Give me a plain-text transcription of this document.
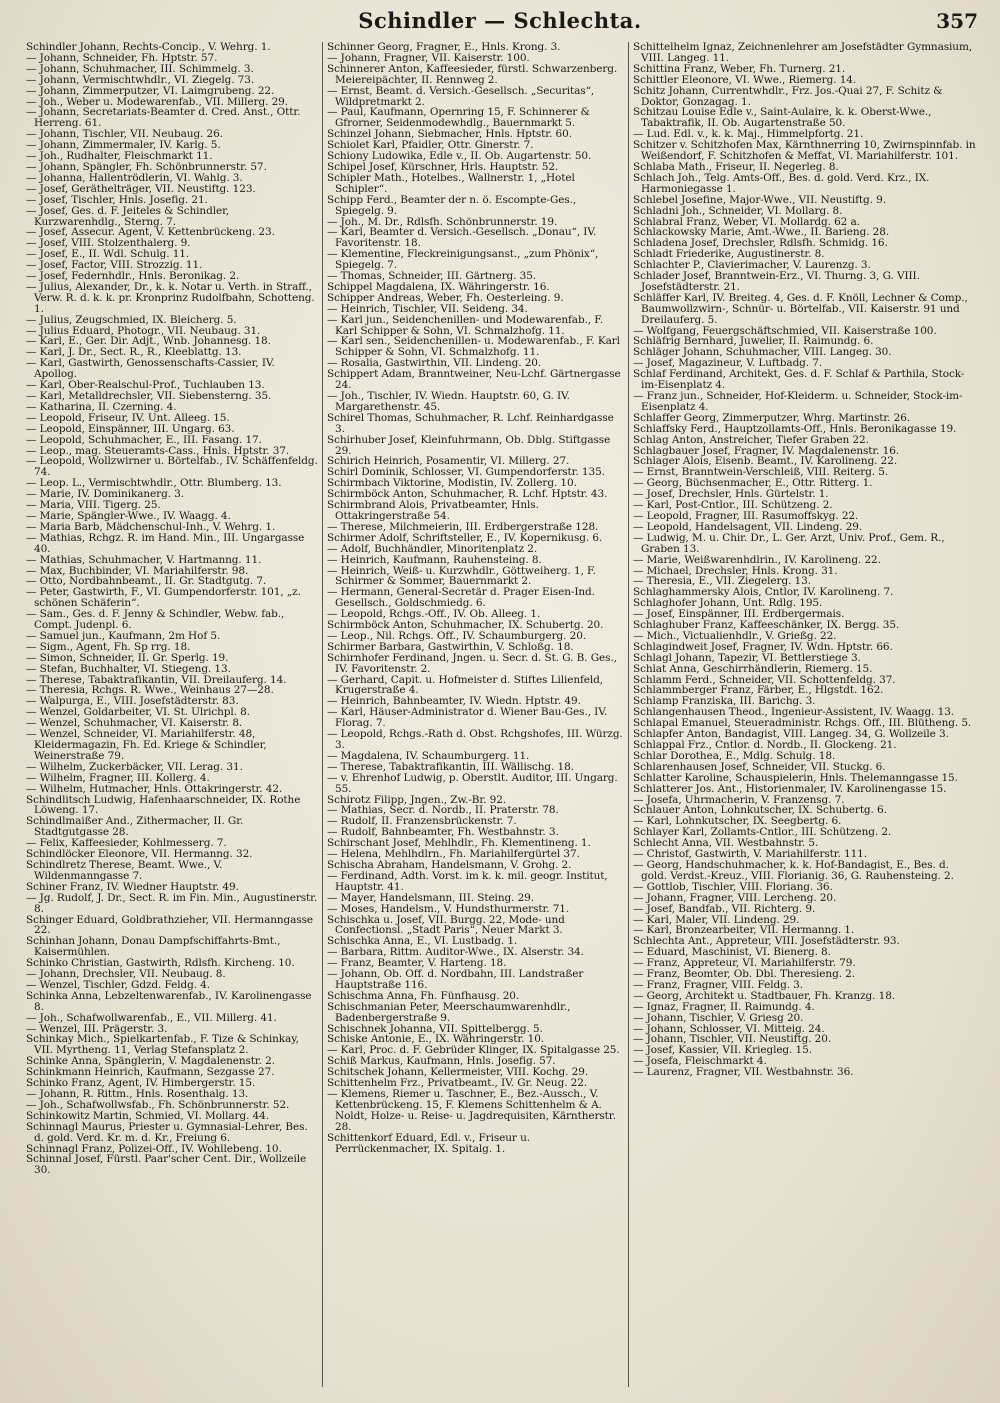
Schindler — Schlechta.	357
Schindler Johann, Rechts-Concip., V. Wehrg. 1.
— Johann, Schneider, Fh. Hptstr. 57.
— Johann, Schuhmacher, III. Schimmelg. 3.
— Johann, Vermischtwhdlr., VI. Ziegelg. 73.
— Johann, Zimmerputzer, VI. Laimgrubeng. 22.
— Joh., Weber u. Modewarenfab., VII. Millerg. 29.
— Johann, Secretariats-Beamter d. Cred. Anst., Ottr. Herreng. 61.
— Johann, Tischler, VII. Neubaug. 26.
— Johann, Zimmermaler, IV. Karlg. 5.
— Joh., Rudhalter, Fleischmarkt 11.
— Johann, Spängler, Fh. Schönbrunnerstr. 57.
— Johanna, Hallentrödlerin, VI. Wahlg. 3.
— Josef, Geräthelträger, VII. Neustiftg. 123.
— Josef, Tischler, Hnls. Josefig. 21.
— Josef, Ges. d. F. Jeiteles & Schindler, Kurzwarenhdlg., Sterng. 7.
— Josef, Assecur. Agent, V. Kettenbrückeng. 23.
— Josef, VIII. Stolzenthalerg. 9.
— Josef, E., II. Wdl. Schulg. 11.
— Josef, Factor, VIII. Strozzig. 11.
— Josef, Federnhdlr., Hnls. Beronikag. 2.
— Julius, Alexander, Dr., k. k. Notar u. Verth. in Straff., Verw. R. d. k. k. pr. Kronprinz Rudolfbahn, Schotteng. 1.
— Julius, Zeugschmied, IX. Bleicherg. 5.
— Julius Eduard, Photogr., VII. Neubaug. 31.
— Karl, E., Ger. Dir. Adjt., Wnb. Johannesg. 18.
— Karl, J. Dr., Sect. R., R., Kleeblattg. 13.
— Karl, Gastwirth, Genossenschafts-Cassier, IV. Apollog.
— Karl, Ober-Realschul-Prof., Tuchlauben 13.
— Karl, Metalldrechsler, VII. Siebensterng. 35.
— Katharina, II. Czerning. 4.
— Leopold, Friseur, IV. Unt. Alleeg. 15.
— Leopold, Einspänner, III. Ungarg. 63.
— Leopold, Schuhmacher, E., III. Fasang. 17.
— Leop., mag. Steueramts-Cass., Hnls. Hptstr. 37.
— Leopold, Wollzwirner u. Börtelfab., IV. Schäffenfeldg. 74.
— Leop. L., Vermischtwhdlr., Ottr. Blumberg. 13.
— Marie, IV. Dominikanerg. 3.
— Maria, VIII. Tigerg. 25.
— Marie, Spängler-Wwe., IV. Waagg. 4.
— Maria Barb, Mädchenschul-Inh., V. Wehrg. 1.
— Mathias, Rchgz. R. im Hand. Min., III. Ungargasse 40.
— Mathias, Schuhmacher, V. Hartmanng. 11.
— Max, Buchbinder, VI. Mariahilferstr. 98.
— Otto, Nordbahnbeamt., II. Gr. Stadtgutg. 7.
— Peter, Gastwirth, F., VI. Gumpendorferstr. 101, „z. schönen Schäferin“.
— Sam., Ges. d. F. Jenny & Schindler, Webw. fab., Compt. Judenpl. 6.
— Samuel jun., Kaufmann, 2m Hof 5.
— Sigm., Agent, Fh. Sp rrg. 18.
— Simon, Schneider, II. Gr. Sperlg. 19.
— Stefan, Buchhalter, VI. Stiegeng. 13.
— Therese, Tabaktrafikantin, VII. Dreilauferg. 14.
— Theresia, Rchgs. R. Wwe., Weinhaus 27—28.
— Walpurga, E., VIII. Josefstädterstr. 83.
— Wenzel, Goldarbeiter, VI. St. Ulrichpl. 8.
— Wenzel, Schuhmacher, VI. Kaiserstr. 8.
— Wenzel, Schneider, VI. Mariahilferstr. 48, Kleidermagazin, Fh. Ed. Kriege & Schindler, Weinerstraße 79.
— Wilhelm, Zuckerbäcker, VII. Lerag. 31.
— Wilhelm, Fragner, III. Kollerg. 4.
— Wilhelm, Hutmacher, Hnls. Ottakringerstr. 42.
Schindlitsch Ludwig, Hafenhaarschneider, IX. Rothe Löweng. 17.
Schindlmaißer And., Zithermacher, II. Gr. Stadtgutgasse 28.
— Felix, Kaffeesieder, Kohlmesserg. 7.
Schindlöcker Eleonore, VII. Hermanng. 32.
Schindlretz Therese, Beamt. Wwe., V. Wildenmanngasse 7.
Schiner Franz, IV. Wiedner Hauptstr. 49.
— Jg. Rudolf, J. Dr., Sect. R. im Fin. Min., Augustinerstr. 8.
Schinger Eduard, Goldbrathzieher, VII. Hermanngasse 22.
Schinhan Johann, Donau Dampfschiffahrts-Bmt., Kaisermühlen.
Schinko Christian, Gastwirth, Rdlsfh. Kircheng. 10.
— Johann, Drechsler, VII. Neubaug. 8.
— Wenzel, Tischler, Gdzd. Feldg. 4.
Schinka Anna, Lebzeltenwarenfab., IV. Karolinengasse 8.
— Joh., Schafwollwarenfab., E., VII. Millerg. 41.
— Wenzel, III. Prägerstr. 3.
Schinkay Mich., Spielkartenfab., F. Tize & Schinkay, VII. Myrtheng. 11, Verlag Stefansplatz 2.
Schinke Anna, Spänglerin, V. Magdalenenstr. 2.
Schinkmann Heinrich, Kaufmann, Sezgasse 27.
Schinko Franz, Agent, IV. Himbergerstr. 15.
— Johann, R. Rittm., Hnls. Rosenthalg. 13.
— Joh., Schafwollwsfab., Fh. Schönbrunnerstr. 52.
Schinkowitz Martin, Schmied, VI. Mollarg. 44.
Schinnagl Maurus, Priester u. Gymnasial-Lehrer, Bes. d. gold. Verd. Kr. m. d. Kr., Freiung 6.
Schinnagl Franz, Polizei-Off., IV. Wohllebeng. 10.
Schinnal Josef, Fürstl. Paar'scher Cent. Dir., Wollzeile 30.
Schinner Georg, Fragner, E., Hnls. Krong. 3.
— Johann, Fragner, VII. Kaiserstr. 100.
Schinnerer Anton, Kaffeesieder, fürstl. Schwarzenberg. Meiereipächter, II. Rennweg 2.
— Ernst, Beamt. d. Versich.-Gesellsch. „Securitas“, Wildpretmarkt 2.
— Paul, Kaufmann, Opernring 15, F. Schinnerer & Gfrorner, Seidenmodewhdlg., Bauernmarkt 5.
Schinzel Johann, Siebmacher, Hnls. Hptstr. 60.
Schiolet Karl, Pfaidler, Ottr. Ginerstr. 7.
Schiony Ludowika, Edle v., II. Ob. Augartenstr. 50.
Schipel Josef, Kürschner, Hrls. Hauptstr. 52.
Schipler Math., Hotelbes., Wallnerstr. 1, „Hotel Schipler“.
Schipp Ferd., Beamter der n. ö. Escompte-Ges., Spiegelg. 9.
— Joh., M. Dr., Rdlsfh. Schönbrunnerstr. 19.
— Karl, Beamter d. Versich.-Gesellsch. „Donau“, IV. Favoritenstr. 18.
— Klementine, Fleckreinigungsanst., „zum Phönix“, Spiegelg. 7.
— Thomas, Schneider, III. Gärtnerg. 35.
Schippel Magdalena, IX. Währingerstr. 16.
Schipper Andreas, Weber, Fh. Oesterleing. 9.
— Heinrich, Tischler, VII. Seideng. 34.
— Karl jun., Seidenchenillen- und Modewarenfab., F. Karl Schipper & Sohn, VI. Schmalzhofg. 11.
— Karl sen., Seidenchenillen- u. Modewarenfab., F. Karl Schipper & Sohn, VI. Schmalzhofg. 11.
— Rosalia, Gastwirthin, VII. Lindeng. 20.
Schippert Adam, Branntweiner, Neu-Lchf. Gärtnergasse 24.
— Joh., Tischler, IV. Wiedn. Hauptstr. 60, G. IV. Margarethenstr. 45.
Schirel Thomas, Schuhmacher, R. Lchf. Reinhardgasse 3.
Schirhuber Josef, Kleinfuhrmann, Ob. Dblg. Stiftgasse 29.
Schirich Heinrich, Posamentir, VI. Millerg. 27.
Schirl Dominik, Schlosser, VI. Gumpendorferstr. 135.
Schirmbach Viktorine, Modistin, IV. Zollerg. 10.
Schirmböck Anton, Schuhmacher, R. Lchf. Hptstr. 43.
Schirmbrand Alois, Privatbeamter, Hnls. Ottakringerstraße 54.
— Therese, Milchmeierin, III. Erdbergerstraße 128.
Schirmer Adolf, Schriftsteller, E., IV. Kopernikusg. 6.
— Adolf, Buchhändler, Minoritenplatz 2.
— Heinrich, Kaufmann, Rauhensteing. 8.
— Heinrich, Weiß- u. Kurzwhdlr., Göttweiherg. 1, F. Schirmer & Sommer, Bauernmarkt 2.
— Hermann, General-Secretär d. Prager Eisen-Ind. Gesellsch., Goldschmiedg. 6.
— Leopold, Rchgs.-Off., IV. Ob. Alleeg. 1.
Schirmböck Anton, Schuhmacher, IX. Schubertg. 20.
— Leop., Nil. Rchgs. Off., IV. Schaumburgerg. 20.
Schirmer Barbara, Gastwirthin, V. Schloßg. 18.
Schirnhofer Ferdinand, Jngen. u. Secr. d. St. G. B. Ges., IV. Favoritenstr. 2.
— Gerhard, Capit. u. Hofmeister d. Stiftes Lilienfeld, Krugerstraße 4.
— Heinrich, Bahnbeamter, IV. Wiedn. Hptstr. 49.
— Karl, Häuser-Administrator d. Wiener Bau-Ges., IV. Florag. 7.
— Leopold, Rchgs.-Rath d. Obst. Rchgshofes, III. Würzg. 3.
— Magdalena, IV. Schaumburgerg. 11.
— Therese, Tabaktrafikantin, III. Wällischg. 18.
— v. Ehrenhof Ludwig, p. Oberstlt. Auditor, III. Ungarg. 55.
Schirotz Filipp, Jngen., Zw.-Br. 92.
— Mathias, Secr. d. Nordb., II. Praterstr. 78.
— Rudolf, II. Franzensbrückenstr. 7.
— Rudolf, Bahnbeamter, Fh. Westbahnstr. 3.
Schirschant Josef, Mehlhdlr., Fh. Klementineng. 1.
— Helena, Mehlhdlrn., Fh. Mariahilfergürtel 37.
Schischa Abraham, Handelsmann, V. Grohg. 2.
— Ferdinand, Adth. Vorst. im k. k. mil. geogr. Institut, Hauptstr. 41.
— Mayer, Handelsmann, III. Steing. 29.
— Moses, Handelsm., V. Hundsthurmerstr. 71.
Schischka u. Josef, VII. Burgg. 22, Mode- und Confectionsl. „Stadt Paris“, Neuer Markt 3.
Schischka Anna, E., VI. Lustbadg. 1.
— Barbara, Rittm. Auditor-Wwe., IX. Alserstr. 34.
— Franz, Beamter, V. Harteng. 18.
— Johann, Ob. Off. d. Nordbahn, III. Landstraßer Hauptstraße 116.
Schischma Anna, Fh. Fünfhausg. 20.
Schischmanian Peter, Meerschaumwarenhdlr., Badenbergerstraße 9.
Schischnek Johanna, VII. Spittelbergg. 5.
Schiske Antonie, E., IX. Währingerstr. 10.
— Karl, Proc. d. F. Gebrüder Klinger, IX. Spitalgasse 25.
Schiß Markus, Kaufmann, Hnls. Josefig. 57.
Schitschek Johann, Kellermeister, VIII. Kochg. 29.
Schittenhelm Frz., Privatbeamt., IV. Gr. Neug. 22.
— Klemens, Riemer u. Taschner, E., Bez.-Aussch., V. Kettenbrückeng. 15, F. Klemens Schittenhelm & A. Noldt, Holze- u. Reise- u. Jagdrequisiten, Kärntherstr. 28.
Schittenkorf Eduard, Edl. v., Friseur u. Perrückenmacher, IX. Spitalg. 1.
Schittelhelm Ignaz, Zeichnenlehrer am Josefstädter Gymnasium, VIII. Langeg. 11.
Schittina Franz, Weber, Fh. Turnerg. 21.
Schittler Eleonore, VI. Wwe., Riemerg. 14.
Schitz Johann, Currentwhdlr., Frz. Jos.-Quai 27, F. Schitz & Doktor, Gonzagag. 1.
Schitzau Louise Edle v., Saint-Aulaire, k. k. Oberst-Wwe., Tabaktrafik, II. Ob. Augartenstraße 50.
— Lud. Edl. v., k. k. Maj., Himmelpfortg. 21.
Schitzer v. Schitzhofen Max, Kärnthnerring 10, Zwirnspinnfab. in Weißendorf, F. Schitzhofen & Meffat, VI. Mariahilferstr. 101.
Schlaba Math., Friseur, II. Negerleg. 8.
Schlach Joh., Telg. Amts-Off., Bes. d. gold. Verd. Krz., IX. Harmoniegasse 1.
Schlebel Josefine, Major-Wwe., VII. Neustiftg. 9.
Schladni Joh., Schneider, VI. Mollarg. 8.
Schlabral Franz, Weber, VI. Mollardg. 62 a.
Schlackowsky Marie, Amt.-Wwe., II. Barieng. 28.
Schladena Josef, Drechsler, Rdlsfh. Schmidg. 16.
Schladt Friederike, Augustinerstr. 8.
Schlachter P., Clavierimacher, V. Laurenzg. 3.
Schlader Josef, Branntwein-Erz., VI. Thurng. 3, G. VIII. Josefstädterstr. 21.
Schläffer Karl, IV. Breiteg. 4, Ges. d. F. Knöll, Lechner & Comp., Baumwollzwirn-, Schnür- u. Börtelfab., VII. Kaiserstr. 91 und Dreilauferg. 5.
— Wolfgang, Feuergschäftschmied, VII. Kaiserstraße 100.
Schläfrig Bernhard, Juwelier, II. Raimundg. 6.
Schläger Johann, Schuhmacher, VIII. Langeg. 30.
— Josef, Magazineur, V. Luftbadg. 7.
Schlaf Ferdinand, Architekt, Ges. d. F. Schlaf & Parthila, Stock-im-Eisenplatz 4.
— Franz jun., Schneider, Hof-Kleiderm. u. Schneider, Stock-im-Eisenplatz 4.
Schlaffer Georg, Zimmerputzer, Whrg. Martinstr. 26.
Schlaffsky Ferd., Hauptzollamts-Off., Hnls. Beronikagasse 19.
Schlag Anton, Anstreicher, Tiefer Graben 22.
Schlagbauer Josef, Fragner, IV. Magdalenenstr. 16.
Schlager Alois, Eisenb. Beamt., IV. Karolineng. 22.
— Ernst, Branntwein-Verschleiß, VIII. Reiterg. 5.
— Georg, Büchsenmacher, E., Ottr. Ritterg. 1.
— Josef, Drechsler, Hnls. Gürtelstr. 1.
— Karl, Post-Cntlor., III. Schützeng. 2.
— Leopold, Fragner, III. Rasumoffskyg. 22.
— Leopold, Handelsagent, VII. Lindeng. 29.
— Ludwig, M. u. Chir. Dr., L. Ger. Arzt, Univ. Prof., Gem. R., Graben 13.
— Marie, Weißwarenhdlrin., IV. Karolineng. 22.
— Michael, Drechsler, Hnls. Krong. 31.
— Theresia, E., VII. Ziegelerg. 13.
Schlaghammersky Alois, Cntlor, IV. Karolineng. 7.
Schlaghofer Johann, Unt. Rdlg. 195.
— Josef, Einspänner, III. Erdbergermais.
Schlaghuber Franz, Kaffeeschänker, IX. Bergg. 35.
— Mich., Victualienhdlr., V. Grießg. 22.
Schlagindweit Josef, Fragner, IV. Wdn. Hptstr. 66.
Schlagl Johann, Tapezir, VI. Bettlerstiege 3.
Schlat Anna, Geschirrhändlerin, Riemerg. 15.
Schlamm Ferd., Schneider, VII. Schottenfeldg. 37.
Schlammberger Franz, Färber, E., Hlgstdt. 162.
Schlamp Franziska, III. Barichg. 3.
Schlangenhausen Theod., Ingenieur-Assistent, IV. Waagg. 13.
Schlapal Emanuel, Steueradministr. Rchgs. Off., III. Blütheng. 5.
Schlapfer Anton, Bandagist, VIII. Langeg. 34, G. Wollzeile 3.
Schlappal Frz., Cntlor. d. Nordb., II. Glockeng. 21.
Schlar Dorothea, E., Mdlg. Schulg. 18.
Schlarenhausen Josef, Schneider, VII. Stuckg. 6.
Schlatter Karoline, Schauspielerin, Hnls. Thelemanngasse 15.
Schlatterer Jos. Ant., Historienmaler, IV. Karolinengasse 15.
— Josefa, Uhrmacherin, V. Franzensg. 7.
Schlauer Anton, Lohnkutscher, IX. Schubertg. 6.
— Karl, Lohnkutscher, IX. Seegbertg. 6.
Schlayer Karl, Zollamts-Cntlor., III. Schützeng. 2.
Schlecht Anna, VII. Westbahnstr. 5.
— Christof, Gastwirth, V. Mariahilferstr. 111.
— Georg, Handschuhmacher, k. k. Hof-Bandagist, E., Bes. d. gold. Verdst.-Kreuz., VIII. Florianig. 36, G. Rauhensteing. 2.
— Gottlob, Tischler, VIII. Floriang. 36.
— Johann, Fragner, VIII. Lercheng. 20.
— Josef, Bandfab., VII. Richterg. 9.
— Karl, Maler, VII. Lindeng. 29.
— Karl, Bronzearbeiter, VII. Hermanng. 1.
Schlechta Ant., Appreteur, VIII. Josefstädterstr. 93.
— Eduard, Maschinist, VI. Bienerg. 8.
— Franz, Appreteur, VI. Mariahilferstr. 79.
— Franz, Beomter, Ob. Dbl. Theresieng. 2.
— Franz, Fragner, VIII. Feldg. 3.
— Georg, Architekt u. Stadtbauer, Fh. Kranzg. 18.
— Ignaz, Fragner, II. Raimundg. 4.
— Johann, Tischler, V. Griesg 20.
— Johann, Schlosser, VI. Mitteig. 24.
— Johann, Tischler, VII. Neustiftg. 20.
— Josef, Kassier, VII. Kriegleg. 15.
— Josefa, Fleischmarkt 4.
— Laurenz, Fragner, VII. Westbahnstr. 36.
